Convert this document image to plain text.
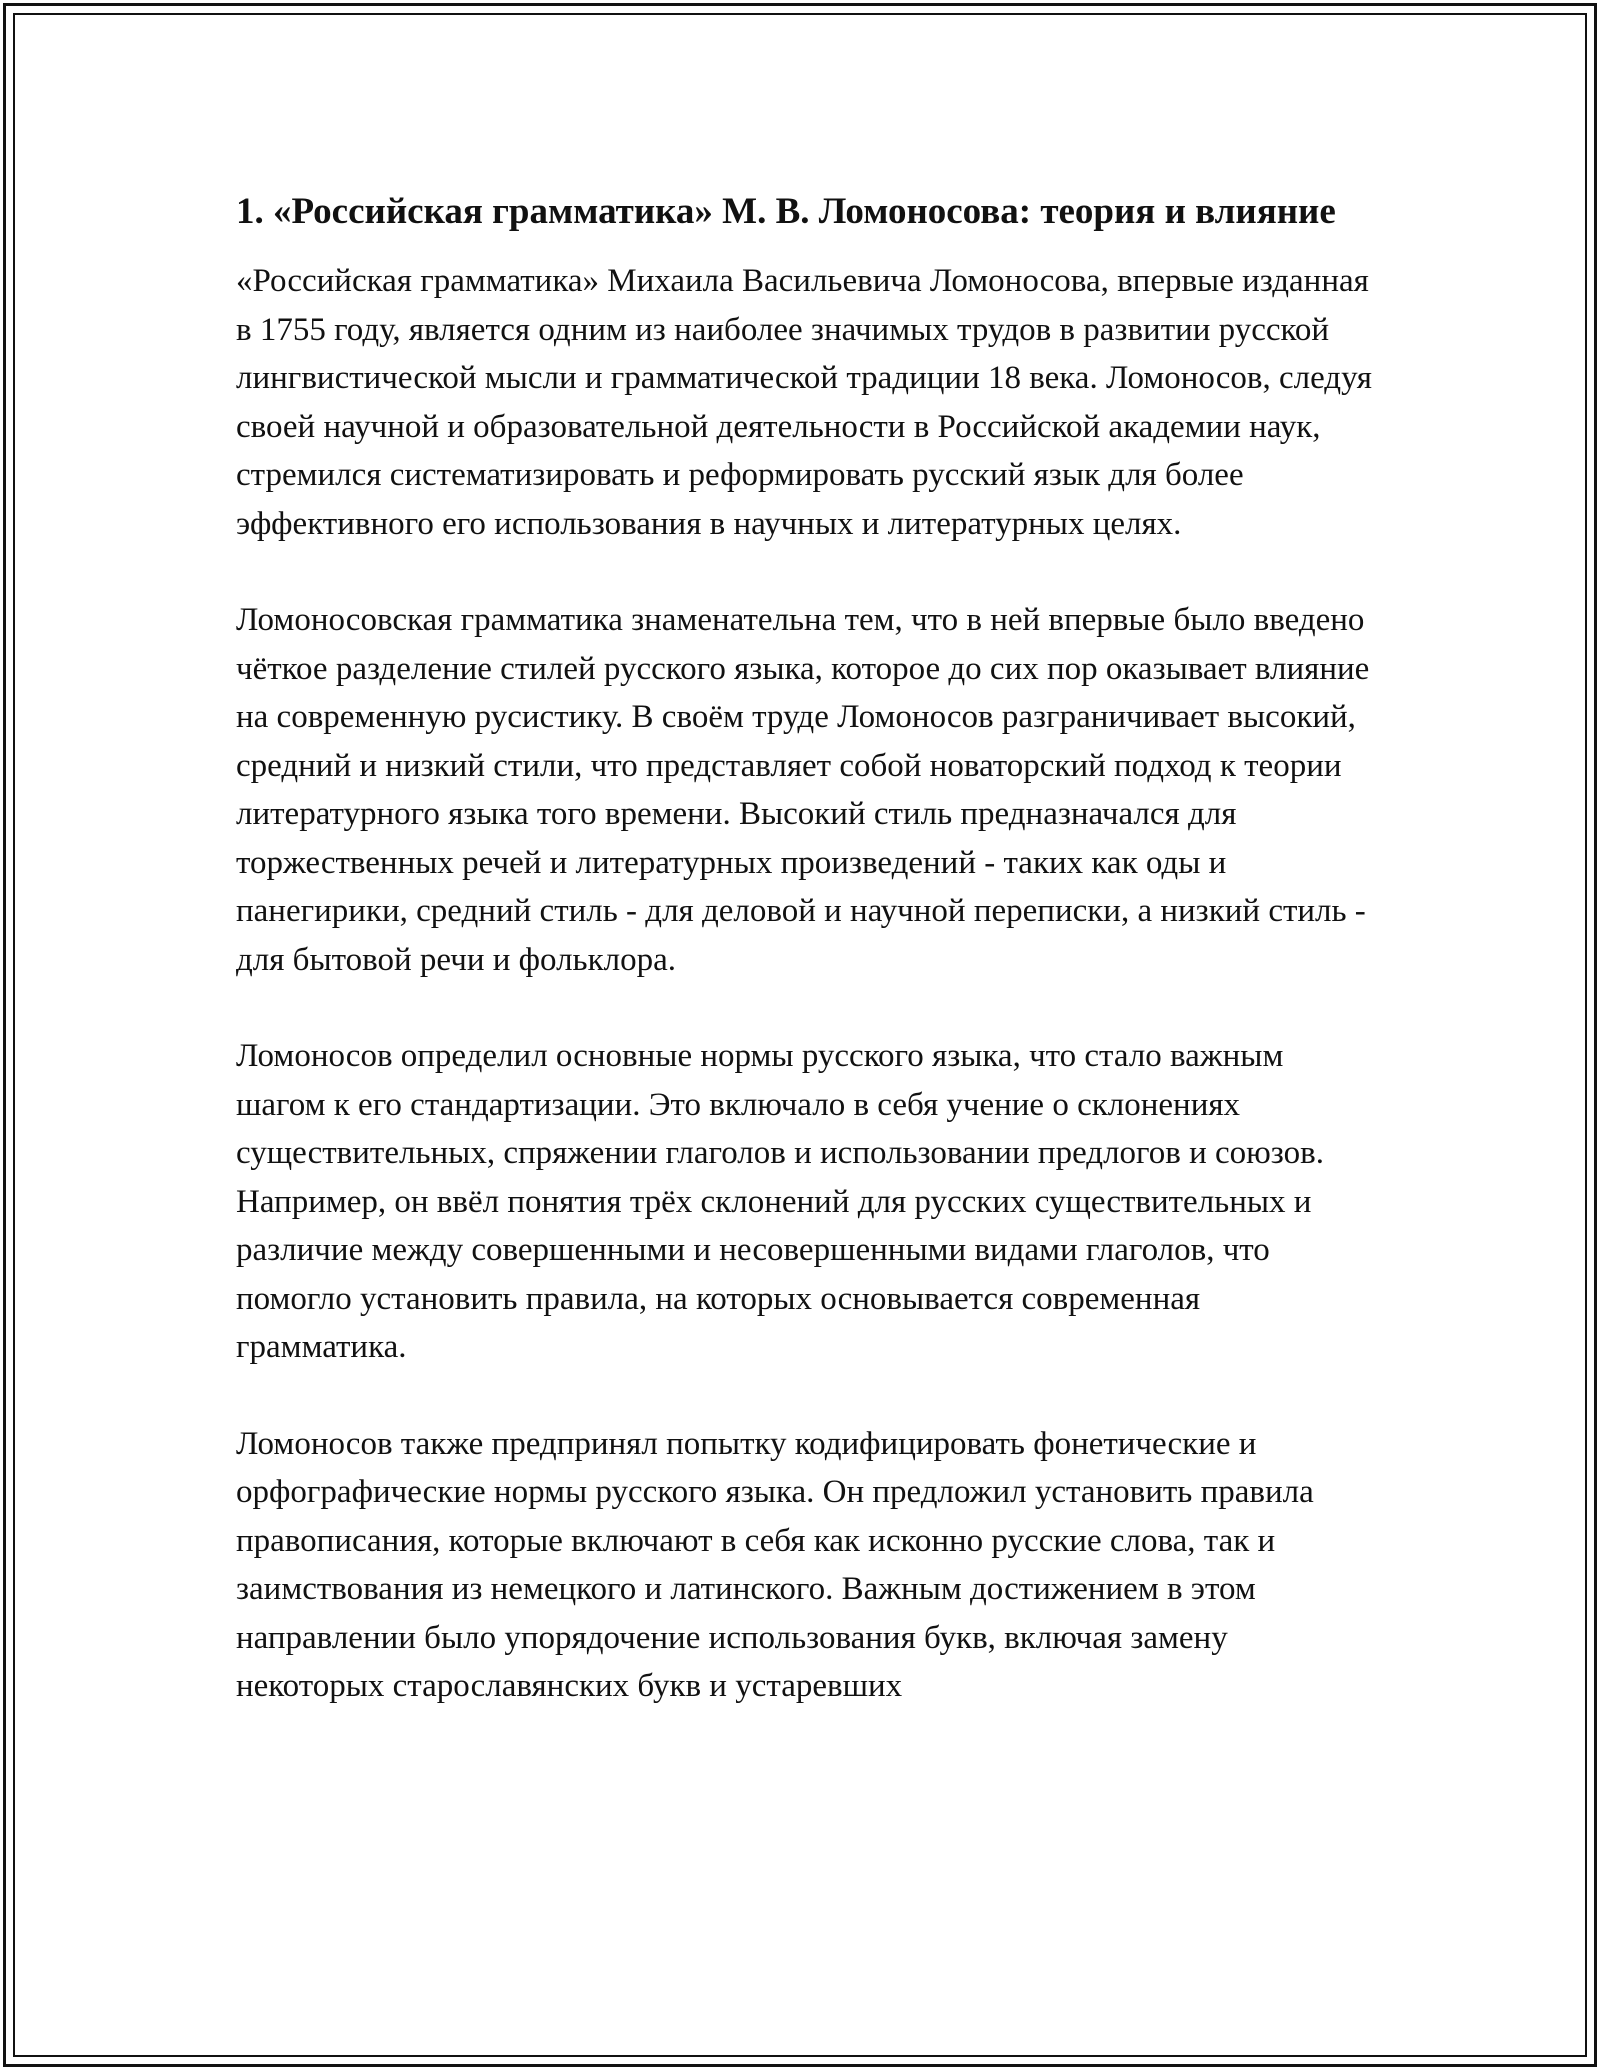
1. «Российская грамматика» М. В. Ломоносова: теория и влияние

«Российская грамматика» Михаила Васильевича Ломоносова, впервые изданная в 1755 году, является одним из наиболее значимых трудов в развитии русской лингвистической мысли и грамматической традиции 18 века. Ломоносов, следуя своей научной и образовательной деятельности в Российской академии наук, стремился систематизировать и реформировать русский язык для более эффективного его использования в научных и литературных целях.

Ломоносовская грамматика знаменательна тем, что в ней впервые было введено чёткое разделение стилей русского языка, которое до сих пор оказывает влияние на современную русистику. В своём труде Ломоносов разграничивает высокий, средний и низкий стили, что представляет собой новаторский подход к теории литературного языка того времени. Высокий стиль предназначался для торжественных речей и литературных произведений - таких как оды и панегирики, средний стиль - для деловой и научной переписки, а низкий стиль - для бытовой речи и фольклора.

Ломоносов определил основные нормы русского языка, что стало важным шагом к его стандартизации. Это включало в себя учение о склонениях существительных, спряжении глаголов и использовании предлогов и союзов. Например, он ввёл понятия трёх склонений для русских существительных и различие между совершенными и несовершенными видами глаголов, что помогло установить правила, на которых основывается современная грамматика.

Ломоносов также предпринял попытку кодифицировать фонетические и орфографические нормы русского языка. Он предложил установить правила правописания, которые включают в себя как исконно русские слова, так и заимствования из немецкого и латинского. Важным достижением в этом направлении было упорядочение использования букв, включая замену некоторых старославянских букв и устаревших
